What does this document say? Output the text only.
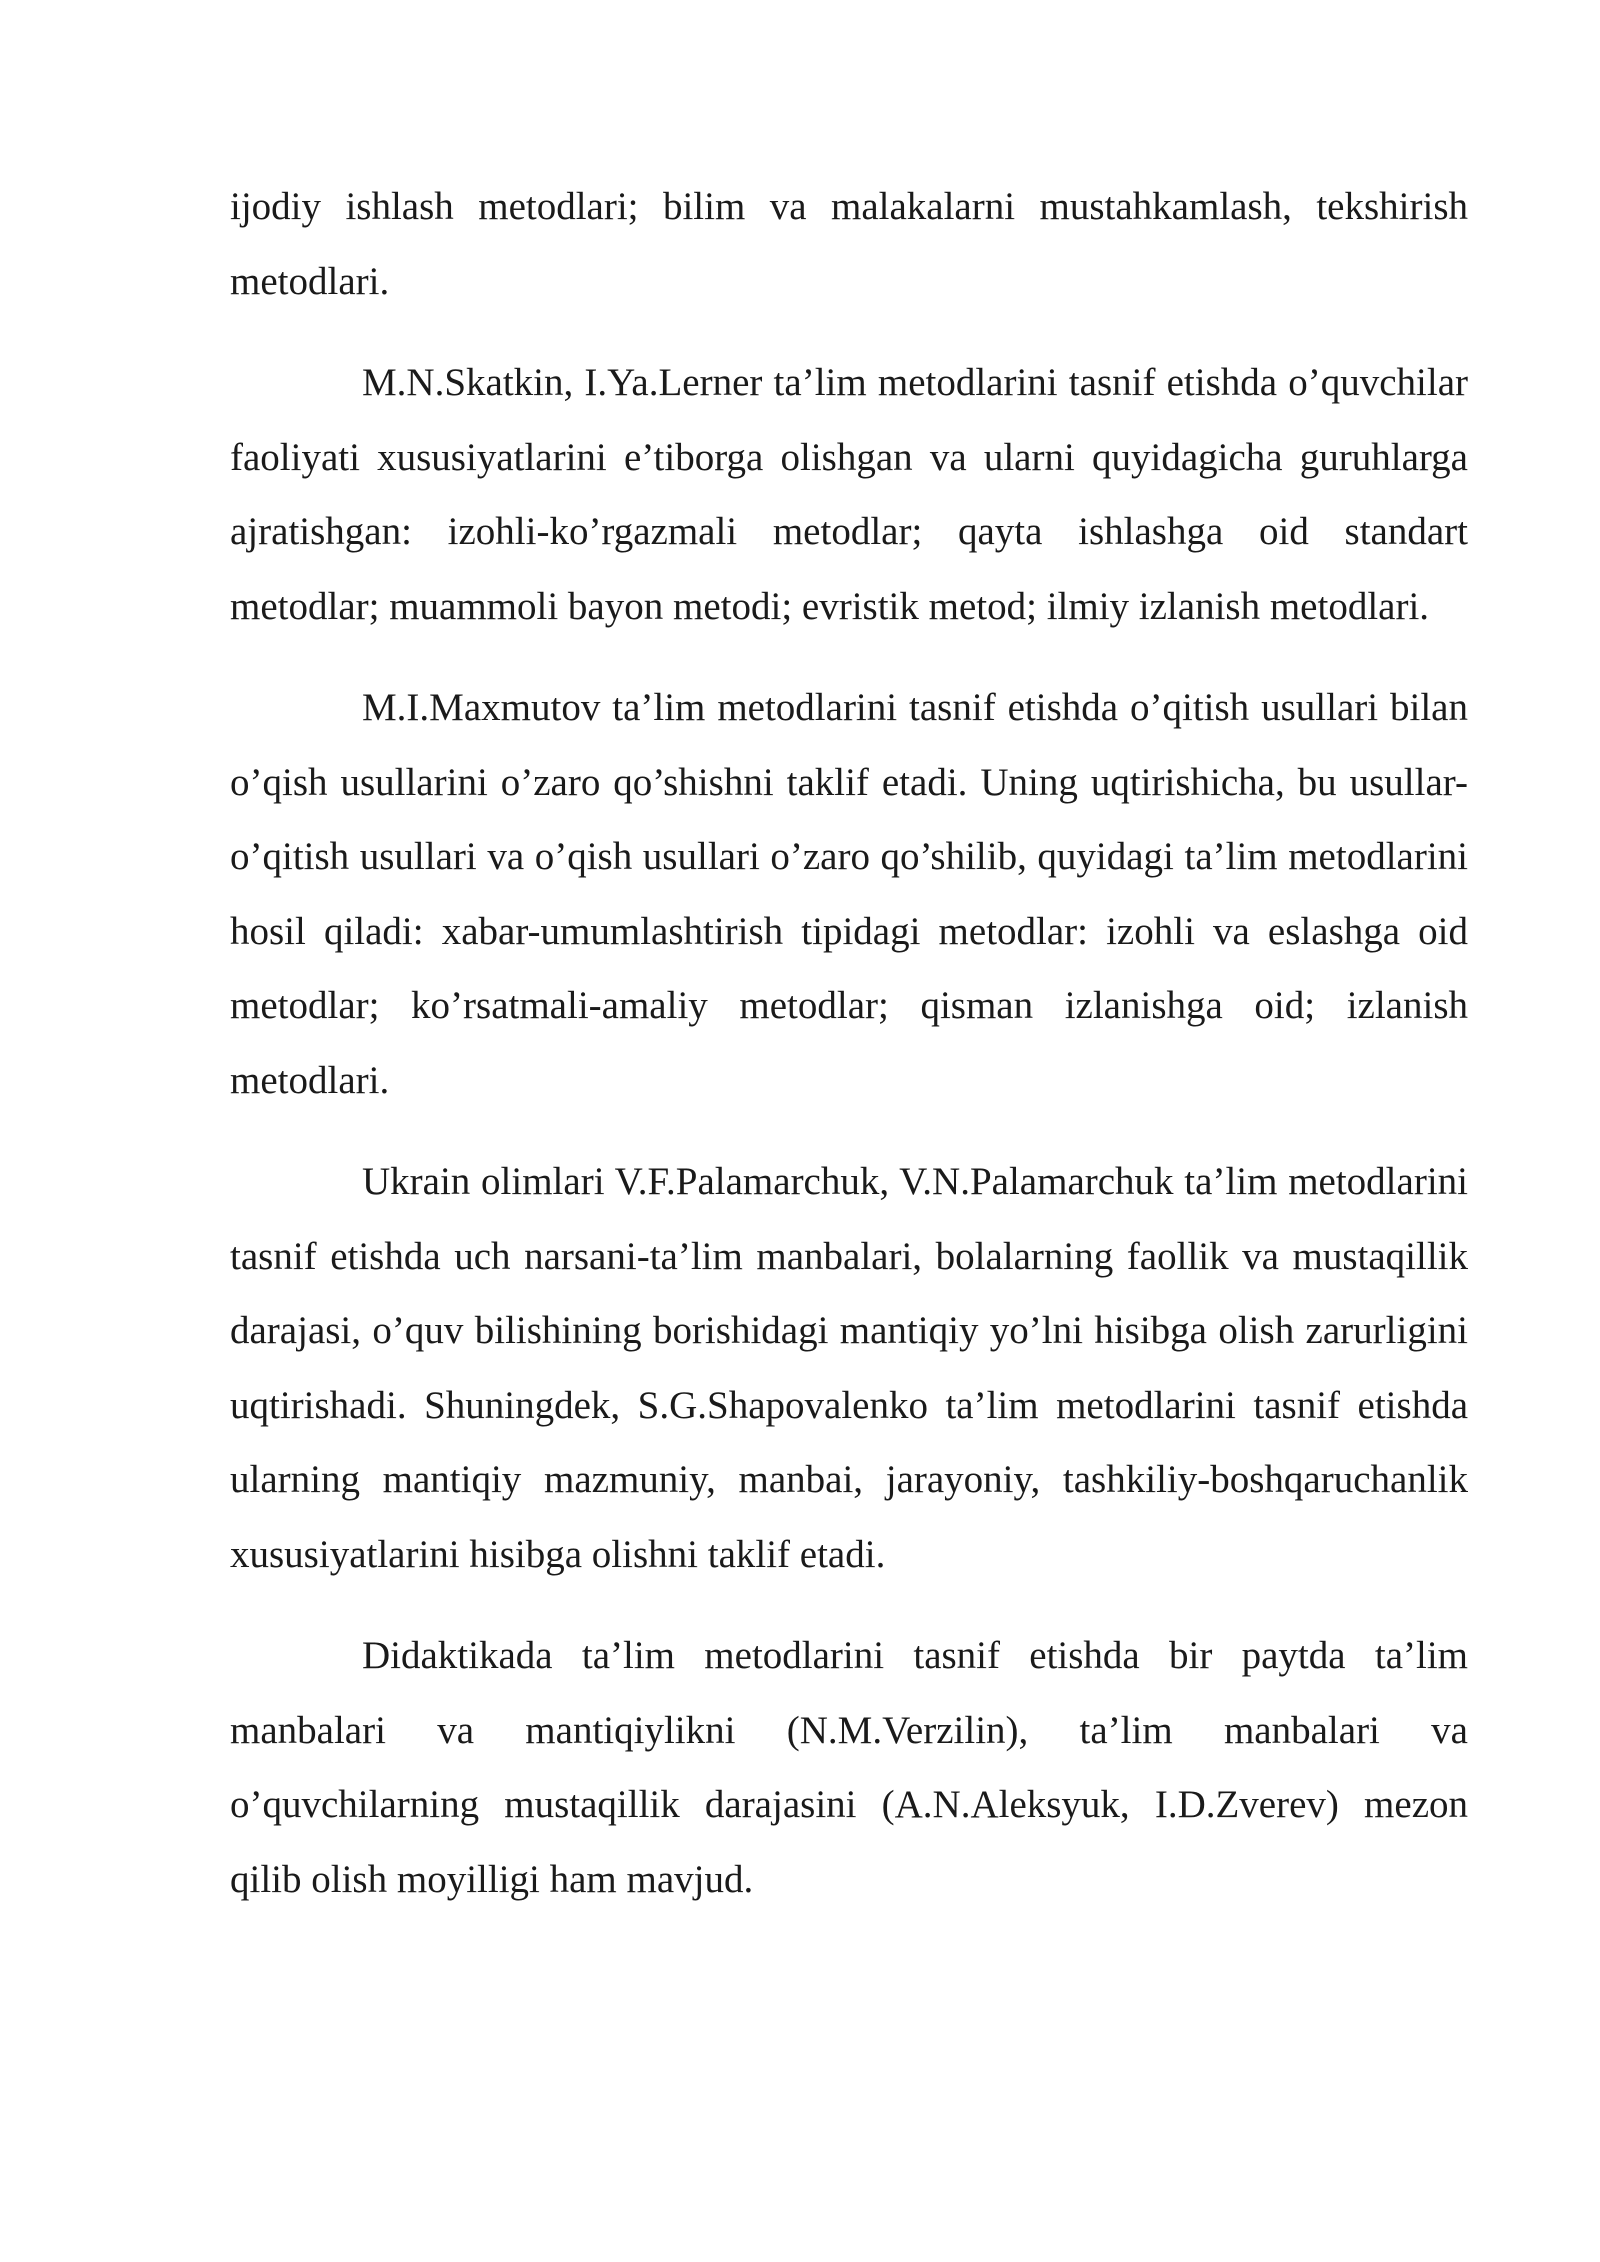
ijodiy ishlash metodlari; bilim va malakalarni mustahkamlash, tekshirish metodlari.

M.N.Skatkin, I.Ya.Lerner ta’lim metodlarini tasnif etishda o’quvchilar faoliyati xususiyatlarini e’tiborga olishgan va ularni quyidagicha guruhlarga ajratishgan: izohli-ko’rgazmali metodlar; qayta ishlashga oid standart metodlar; muammoli bayon metodi; evristik metod; ilmiy izlanish metodlari.

M.I.Maxmutov ta’lim metodlarini tasnif etishda o’qitish usullari bilan o’qish usullarini o’zaro qo’shishni taklif etadi. Uning uqtirishicha, bu usullar-o’qitish usullari va o’qish usullari o’zaro qo’shilib, quyidagi ta’lim metodlarini hosil qiladi: xabar-umumlashtirish tipidagi metodlar: izohli va eslashga oid metodlar; ko’rsatmali-amaliy metodlar; qisman izlanishga oid; izlanish metodlari.

Ukrain olimlari V.F.Palamarchuk, V.N.Palamarchuk ta’lim metodlarini tasnif etishda uch narsani-ta’lim manbalari, bolalarning faollik va mustaqillik darajasi, o’quv bilishining borishidagi mantiqiy yo’lni hisibga olish zarurligini uqtirishadi. Shuningdek, S.G.Shapovalenko ta’lim metodlarini tasnif etishda ularning mantiqiy mazmuniy, manbai, jarayoniy, tashkiliy-boshqaruchanlik xususiyatlarini hisibga olishni taklif etadi.

Didaktikada ta’lim metodlarini tasnif etishda bir paytda ta’lim manbalari va mantiqiylikni (N.M.Verzilin), ta’lim manbalari va o’quvchilarning mustaqillik darajasini (A.N.Aleksyuk, I.D.Zverev) mezon qilib olish moyilligi ham mavjud.
